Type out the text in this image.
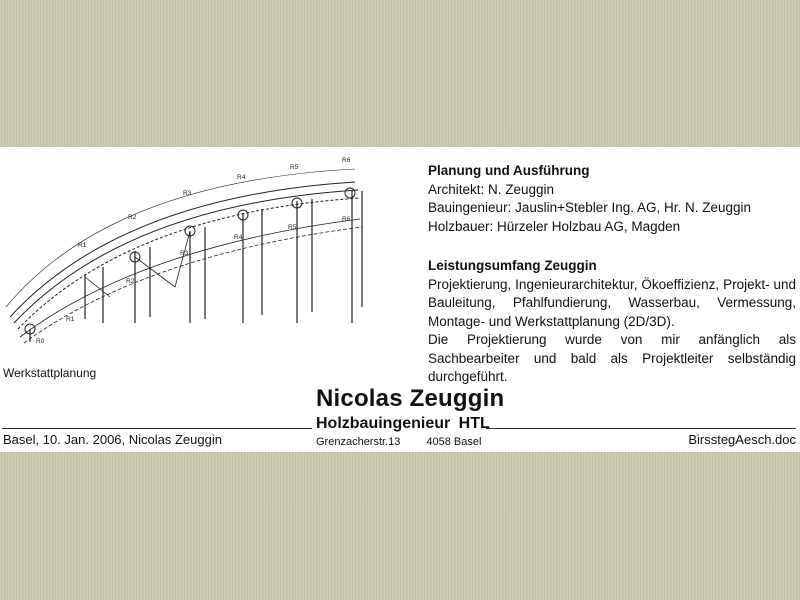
R0
R1
R1
R2
R2
R3
R3
R4
R4
R5
R5
R6
R6
Werkstattplanung
Planung und Ausführung
Architekt: N. Zeuggin
Bauingenieur: Jauslin+Stebler Ing. AG, Hr. N. Zeuggin
Holzbauer: Hürzeler Holzbau AG, Magden
Leistungsumfang Zeuggin
Projektierung, Ingenieurarchitektur, Ökoeffizienz, Projekt- und Bauleitung, Pfahlfundierung, Wasserbau, Vermessung, Montage- und Werkstattplanung (2D/3D).
Die Projektierung wurde von mir anfänglich als Sachbearbeiter und bald als Projektleiter selbständig durchgeführt.
Nicolas Zeuggin
Holzbauingenieur HTL
Grenzacherstr.13 4058 Basel
Basel, 10. Jan. 2006, Nicolas Zeuggin	BirsstegAesch.doc
